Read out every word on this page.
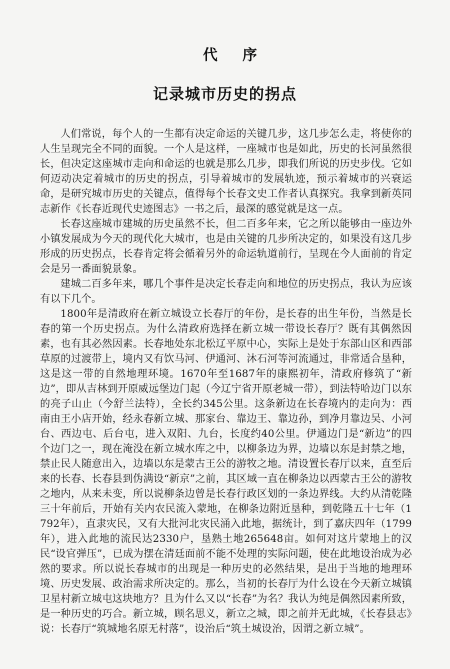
代 序
记录城市历史的拐点

人们常说，每个人的一生都有决定命运的关键几步，这几步怎么走，将使你的人生呈现完全不同的面貌。一个人是这样，一座城市也是如此，历史的长河虽然很长，但决定这座城市走向和命运的也就是那么几步，即我们所说的历史步伐。它如何迈动决定着城市的历史的拐点，引导着城市的发展轨迹，预示着城市的兴衰运命，是研究城市历史的关键点，值得每个长春文史工作者认真探究。我拿到新英同志新作《长春近现代史迹图志》一书之后，最深的感觉就是这一点。

长春这座城市建城的历史虽然不长，但二百多年来，它之所以能够由一座边外小镇发展成为今天的现代化大城市，也是由关键的几步所决定的，如果没有这几步形成的历史拐点，长春肯定将会循着另外的命运轨道前行，呈现在今人面前的肯定会是另一番面貌景象。

建城二百多年来，哪几个事件是决定长春走向和地位的历史拐点，我认为应该有以下几个。

1800年是清政府在新立城设立长春厅的年份，是长春的出生年份，当然是长春的第一个历史拐点。为什么清政府选择在新立城一带设长春厅？既有其偶然因素，也有其必然因素。长春地处东北松辽平原中心，实际上是处于东部山区和西部草原的过渡带上，境内又有饮马河、伊通河、沐石河等河流通过，非常适合垦种，这是这一带的自然地理环境。1670年至1687年的康熙初年，清政府修筑了“新边”，即从吉林到开原威远堡边门起（今辽宁省开原老城一带），到法特哈边门以东的亮子山止（今舒兰法特），全长约345公里。这条新边在长春境内的走向为：西南由王小店开始，经永春新立城、那家台、靠边王、靠边孙，到净月靠边吴、小河台、西边屯、后台屯，进入双阳、九台，长度约40公里。伊通边门是“新边”的四个边门之一，现在淹没在新立城水库之中，以柳条边为界，边墙以东是封禁之地，禁止民人随意出入，边墙以东是蒙古王公的游牧之地。清设置长春厅以来，直至后来的长春、长春县到伪满设“新京”之前，其区域一直在柳条边以西蒙古王公的游牧之地内，从来未变，所以说柳条边曾是长春行政区划的一条边界线。大约从清乾隆三十年前后，开始有关内农民流入蒙地，在柳条边附近垦种，到乾隆五十七年（1792年），直隶灾民，又有大批河北灾民涌入此地，据统计，到了嘉庆四年（1799年），进入此地的流民达2330户，垦熟土地265648亩。如何对这片蒙地上的汉民“设官弹压”，已成为摆在清廷面前不能不处理的实际问题，使在此地设治成为必然的要求。所以说长春城市的出现是一种历史的必然结果，是出于当地的地理环境、历史发展、政治需求所决定的。那么，当初的长春厅为什么设在今天新立城镇卫星村新立城屯这块地方？且为什么又以“长春”为名？我认为纯是偶然因素所致，是一种历史的巧合。新立城，顾名思义，新立之城，即之前并无此城，《长春县志》说：长春厅“筑城地名原无村落”，设治后“筑土城设治，因谓之新立城”。
